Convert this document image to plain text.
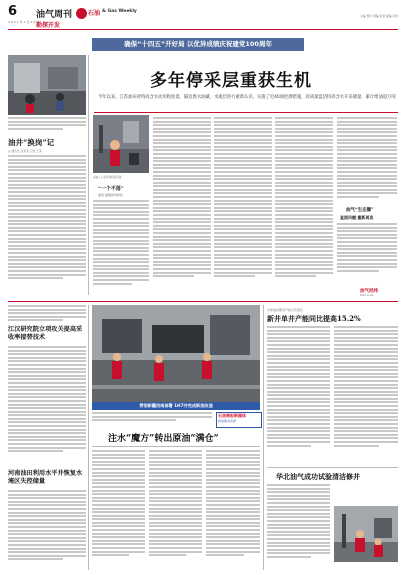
6
2 0 2 1 年 1 月 2 9 日
油气周刊	石油 & Gas Weekly
勘探开发
主编 郑中 责编 张岩 美编 许洋
确保“十四五”开好局 以优异成绩庆祝建党100周年
油井“换岗”记
◎ 通讯员 张某某 记者 王某
多年停采层重获生机
今年以来，江苏油田对特高含水动用程度低、隔边底水油藏、水淹层进行重新认识，实施了近40项挖潜措施，高质量盘活特高含水开采储量，累计增油超万吨
采油工人在井场检查设备
“一个不落”
油田·措施的多样化
油气“生态圈”
直面问题·重新再谈
油气经纬
Field Lines
江汉研究院立项攻关提高采收率接替技术
河南油田利用水平井恢复水淹区失控储量
贯彻新疆西南部署 1H7井完成新层改造
石油商报新媒体
新闻服务资源
注水“魔方”转出原油“满仓”
中原油田都县产能示范项目
新井单井产能同比提高15.2%
华北油气成功试验清洁修井
